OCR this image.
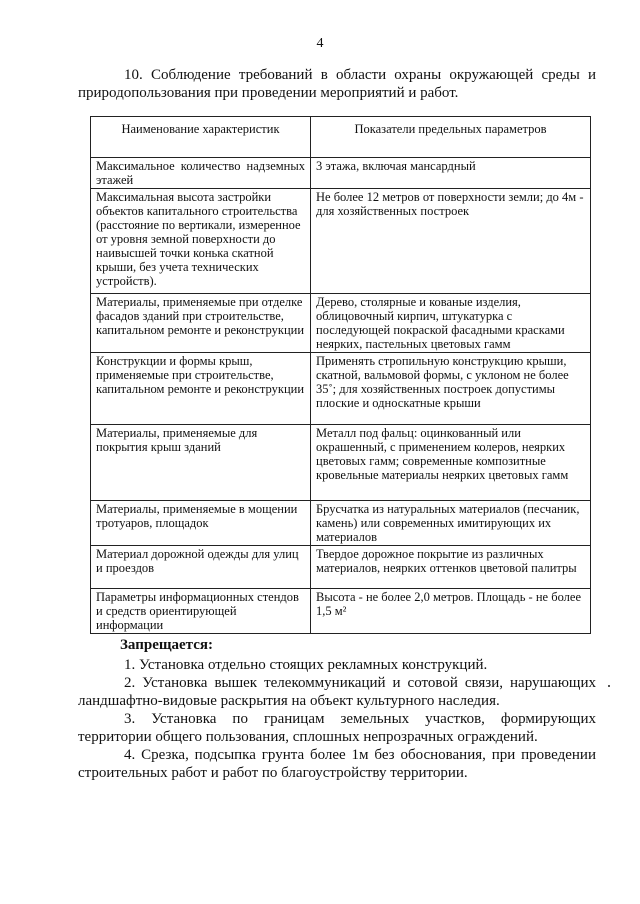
4
10. Соблюдение требований в области охраны окружающей среды и природопользования при проведении мероприятий и работ.
Наименование характеристик	Показатели предельных параметров
Максимальное количество надземных этажей	3 этажа, включая мансардный
Максимальная высота застройки объектов капитального строительства (расстояние по вертикали, измеренное от уровня земной поверхности до наивысшей точки конька скатной крыши, без учета технических устройств).	Не более 12 метров от поверхности земли; до 4м - для хозяйственных построек
Материалы, применяемые при отделке фасадов зданий при строительстве, капитальном ремонте и реконструкции	Дерево, столярные и кованые изделия, облицовочный кирпич, штукатурка с последующей покраской фасадными красками неярких, пастельных цветовых гамм
Конструкции и формы крыш, применяемые при строительстве, капитальном ремонте и реконструкции	Применять стропильную конструкцию крыши, скатной, вальмовой формы, с уклоном не более 35˚; для хозяйственных построек допустимы плоские и односкатные крыши
Материалы, применяемые для покрытия крыш зданий	Металл под фальц: оцинкованный или окрашенный, с применением колеров, неярких цветовых гамм; современные композитные кровельные материалы неярких цветовых гамм
Материалы, применяемые в мощении тротуаров, площадок	Брусчатка из натуральных материалов (песчаник, камень) или современных имитирующих их материалов
Материал дорожной одежды для улиц и проездов	Твердое дорожное покрытие из различных материалов, неярких оттенков цветовой палитры
Параметры информационных стендов и средств ориентирующей информации	Высота - не более 2,0 метров. Площадь - не более 1,5 м²
Запрещается:

1. Установка отдельно стоящих рекламных конструкций.

2. Установка вышек телекоммуникаций и сотовой связи, нарушающих ландшафтно-видовые раскрытия на объект культурного наследия.

3. Установка по границам земельных участков, формирующих территории общего пользования, сплошных непрозрачных ограждений.

4. Срезка, подсыпка грунта более 1м без обоснования, при проведении строительных работ и работ по благоустройству территории.
